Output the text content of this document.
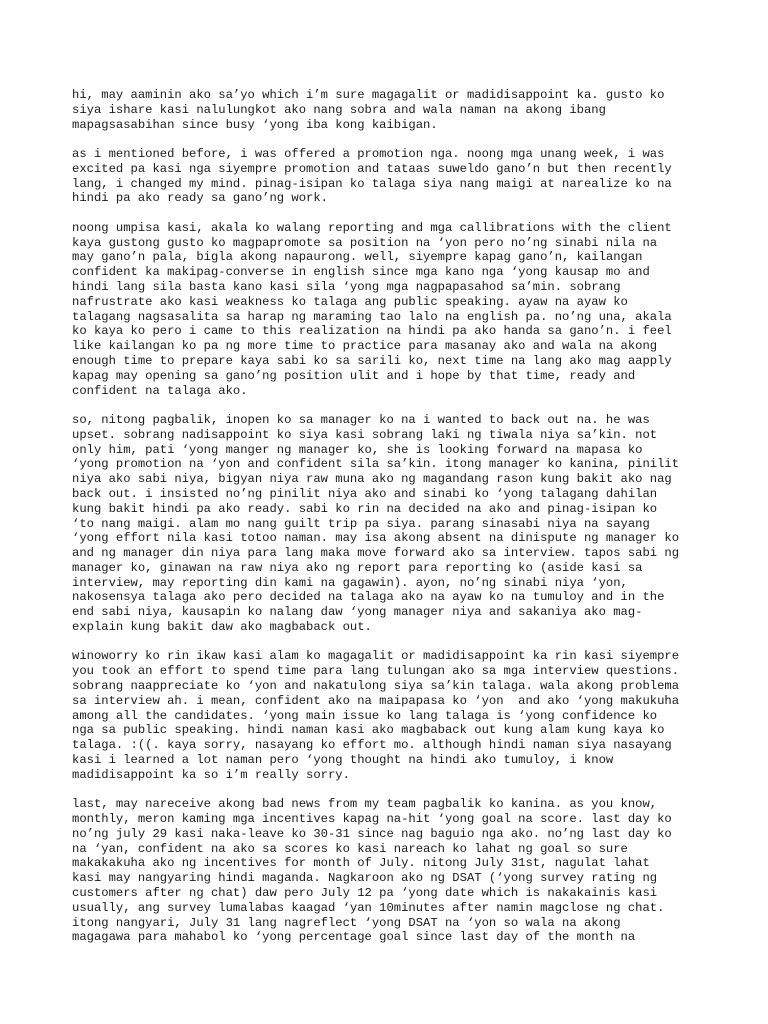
hi, may aaminin ako sa’yo which i’m sure magagalit or madidisappoint ka. gusto ko
siya ishare kasi nalulungkot ako nang sobra and wala naman na akong ibang
mapagsasabihan since busy ‘yong iba kong kaibigan.
as i mentioned before, i was offered a promotion nga. noong mga unang week, i was
excited pa kasi nga siyempre promotion and tataas suweldo gano’n but then recently
lang, i changed my mind. pinag-isipan ko talaga siya nang maigi at narealize ko na
hindi pa ako ready sa gano’ng work.
noong umpisa kasi, akala ko walang reporting and mga callibrations with the client
kaya gustong gusto ko magpapromote sa position na ‘yon pero no’ng sinabi nila na
may gano’n pala, bigla akong napaurong. well, siyempre kapag gano’n, kailangan
confident ka makipag-converse in english since mga kano nga ‘yong kausap mo and
hindi lang sila basta kano kasi sila ‘yong mga nagpapasahod sa’min. sobrang
nafrustrate ako kasi weakness ko talaga ang public speaking. ayaw na ayaw ko
talagang nagsasalita sa harap ng maraming tao lalo na english pa. no’ng una, akala
ko kaya ko pero i came to this realization na hindi pa ako handa sa gano’n. i feel
like kailangan ko pa ng more time to practice para masanay ako and wala na akong
enough time to prepare kaya sabi ko sa sarili ko, next time na lang ako mag aapply
kapag may opening sa gano’ng position ulit and i hope by that time, ready and
confident na talaga ako.
so, nitong pagbalik, inopen ko sa manager ko na i wanted to back out na. he was
upset. sobrang nadisappoint ko siya kasi sobrang laki ng tiwala niya sa’kin. not
only him, pati ‘yong manger ng manager ko, she is looking forward na mapasa ko
‘yong promotion na ‘yon and confident sila sa’kin. itong manager ko kanina, pinilit
niya ako sabi niya, bigyan niya raw muna ako ng magandang rason kung bakit ako nag
back out. i insisted no’ng pinilit niya ako and sinabi ko ‘yong talagang dahilan
kung bakit hindi pa ako ready. sabi ko rin na decided na ako and pinag-isipan ko
‘to nang maigi. alam mo nang guilt trip pa siya. parang sinasabi niya na sayang
‘yong effort nila kasi totoo naman. may isa akong absent na dinispute ng manager ko
and ng manager din niya para lang maka move forward ako sa interview. tapos sabi ng
manager ko, ginawan na raw niya ako ng report para reporting ko (aside kasi sa
interview, may reporting din kami na gagawin). ayon, no’ng sinabi niya ‘yon,
nakosensya talaga ako pero decided na talaga ako na ayaw ko na tumuloy and in the
end sabi niya, kausapin ko nalang daw ‘yong manager niya and sakaniya ako mag-
explain kung bakit daw ako magbaback out.
winoworry ko rin ikaw kasi alam ko magagalit or madidisappoint ka rin kasi siyempre
you took an effort to spend time para lang tulungan ako sa mga interview questions.
sobrang naappreciate ko ‘yon and nakatulong siya sa’kin talaga. wala akong problema
sa interview ah. i mean, confident ako na maipapasa ko ‘yon  and ako ‘yong makukuha
among all the candidates. ‘yong main issue ko lang talaga is ‘yong confidence ko
nga sa public speaking. hindi naman kasi ako magbaback out kung alam kung kaya ko
talaga. :((. kaya sorry, nasayang ko effort mo. although hindi naman siya nasayang
kasi i learned a lot naman pero ‘yong thought na hindi ako tumuloy, i know
madidisappoint ka so i’m really sorry.
last, may nareceive akong bad news from my team pagbalik ko kanina. as you know,
monthly, meron kaming mga incentives kapag na-hit ‘yong goal na score. last day ko
no’ng july 29 kasi naka-leave ko 30-31 since nag baguio nga ako. no’ng last day ko
na ‘yan, confident na ako sa scores ko kasi nareach ko lahat ng goal so sure
makakakuha ako ng incentives for month of July. nitong July 31st, nagulat lahat
kasi may nangyaring hindi maganda. Nagkaroon ako ng DSAT (‘yong survey rating ng
customers after ng chat) daw pero July 12 pa ‘yong date which is nakakainis kasi
usually, ang survey lumalabas kaagad ‘yan 10minutes after namin magclose ng chat.
itong nangyari, July 31 lang nagreflect ‘yong DSAT na ‘yon so wala na akong
magagawa para mahabol ko ‘yong percentage goal since last day of the month na
